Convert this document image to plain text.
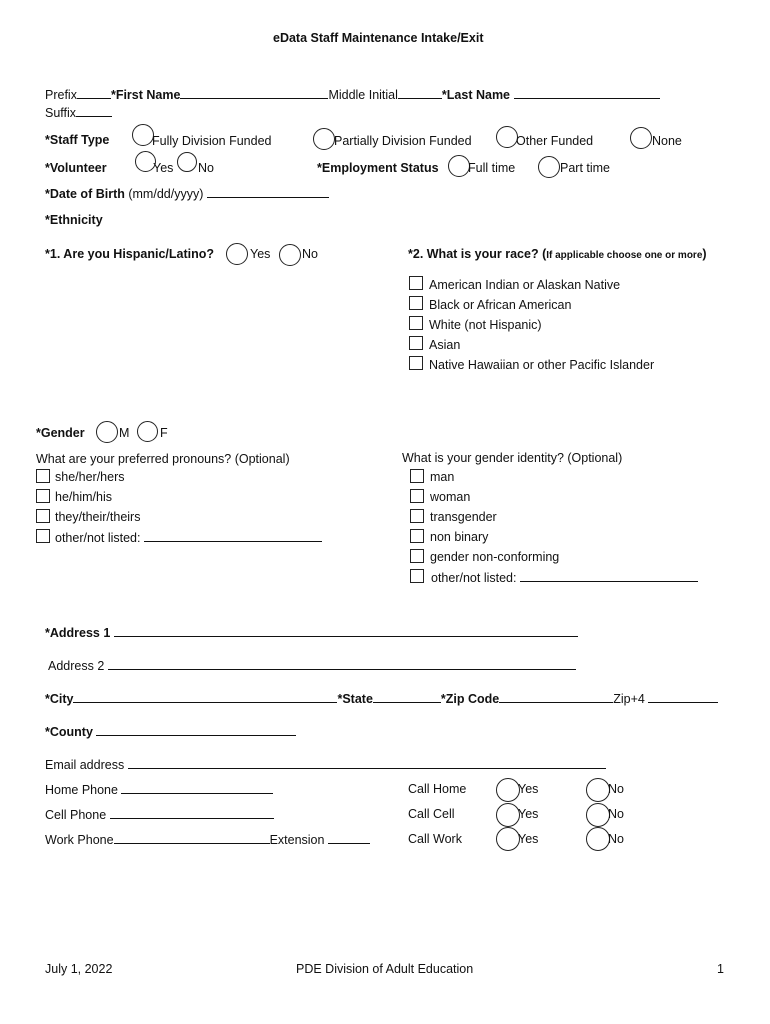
eData Staff Maintenance Intake/Exit
Prefix	*First Name	Middle Initial	*Last Name
Suffix
*Staff Type	Fully Division Funded	Partially Division Funded	Other Funded	None
*Volunteer	Yes No	*Employment Status Full time	Part time
*Date of Birth (mm/dd/yyyy)
*Ethnicity
*1. Are you Hispanic/Latino?	Yes	No	*2. What is your race? (If applicable choose one or more)
American Indian or Alaskan Native
Black or African American
White (not Hispanic)
Asian
Native Hawaiian or other Pacific Islander
*Gender	M F
What are your preferred pronouns? (Optional)
she/her/hers
he/him/his
they/their/theirs
other/not listed:
What is your gender identity? (Optional)
man
woman
transgender
non binary
gender non-conforming
other/not listed:
*Address 1
Address 2
*City	*State	*Zip Code	Zip+4
*County
Email address
Home Phone	Call Home	Yes	No
Cell Phone	Call Cell	Yes	No
Work Phone	Extension	Call Work	Yes	No
July 1, 2022	PDE Division of Adult Education	1
